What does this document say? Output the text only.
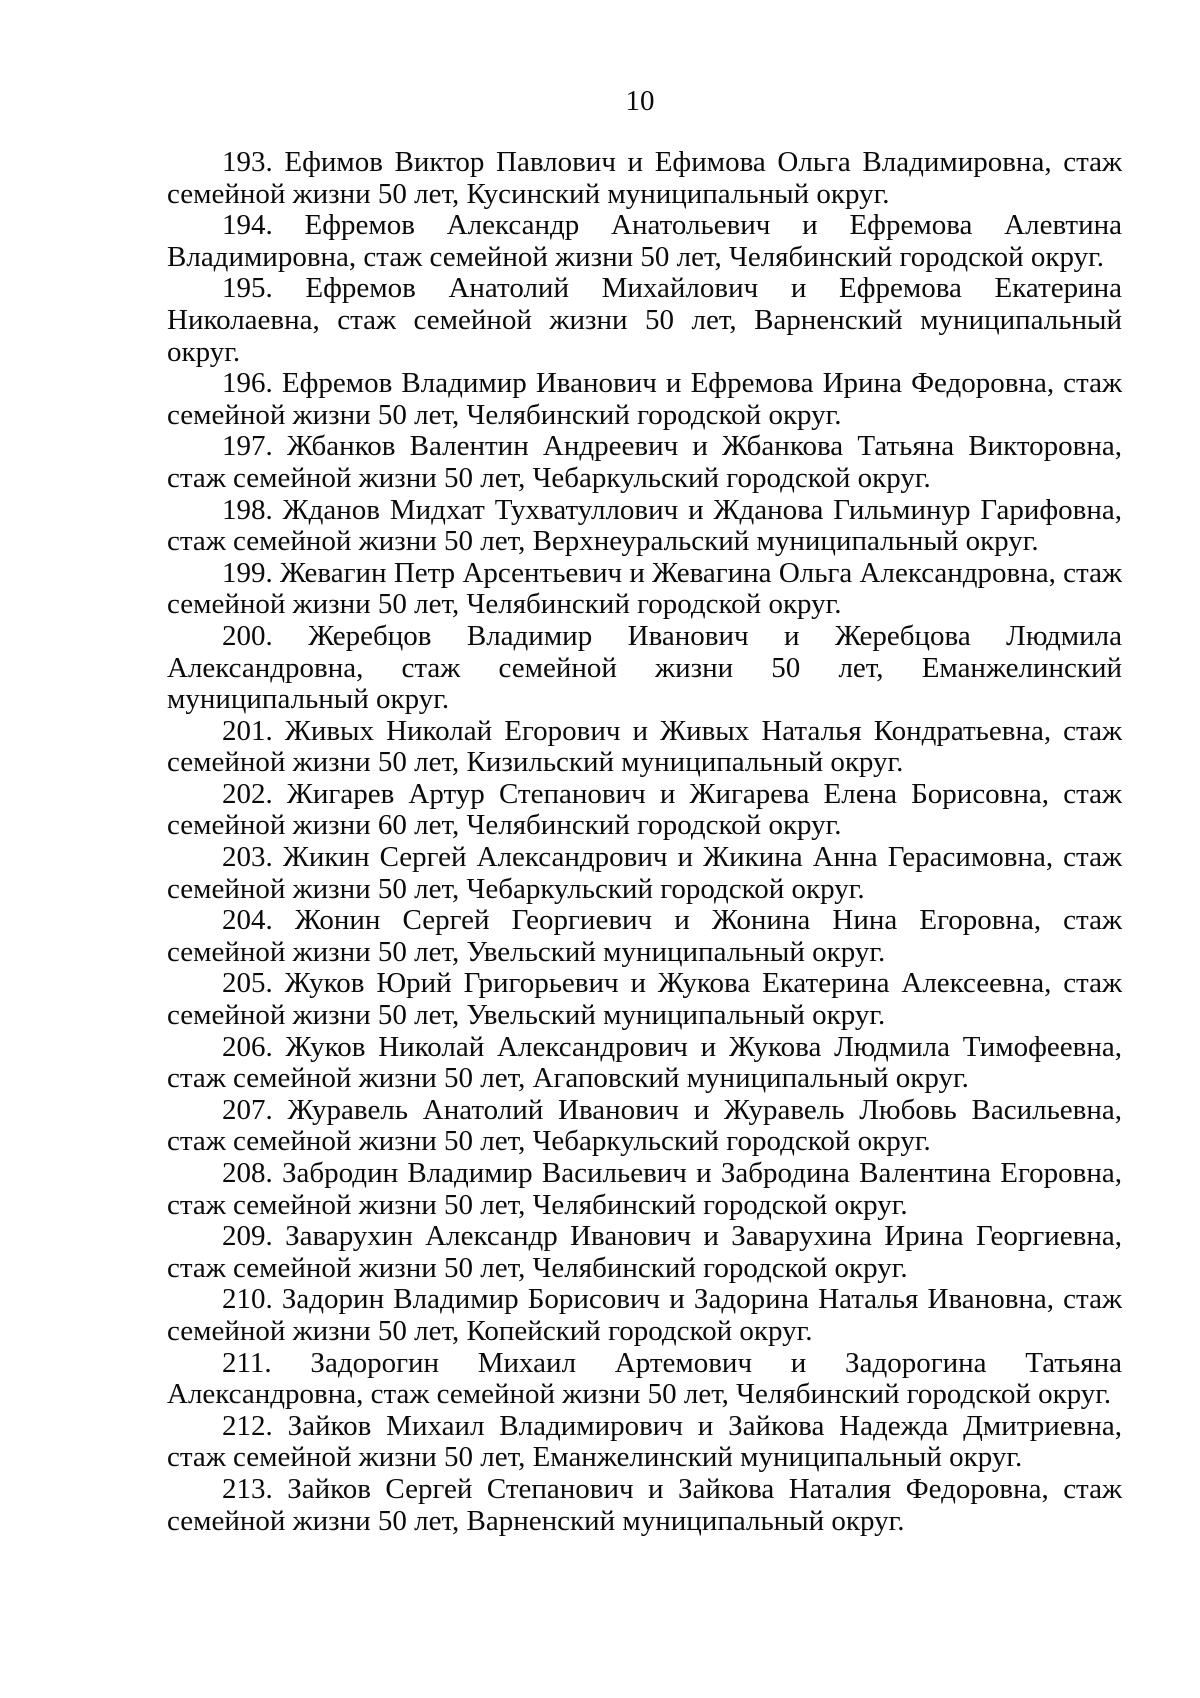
10

193. Ефимов Виктор Павлович и Ефимова Ольга Владимировна, стаж семейной жизни 50 лет, Кусинский муниципальный округ.

194. Ефремов Александр Анатольевич и Ефремова Алевтина Владимировна, стаж семейной жизни 50 лет, Челябинский городской округ.

195. Ефремов Анатолий Михайлович и Ефремова Екатерина Николаевна, стаж семейной жизни 50 лет, Варненский муниципальный округ.

196. Ефремов Владимир Иванович и Ефремова Ирина Федоровна, стаж семейной жизни 50 лет, Челябинский городской округ.

197. Жбанков Валентин Андреевич и Жбанкова Татьяна Викторовна, стаж семейной жизни 50 лет, Чебаркульский городской округ.

198. Жданов Мидхат Тухватуллович и Жданова Гильминур Гарифовна, стаж семейной жизни 50 лет, Верхнеуральский муниципальный округ.

199. Жевагин Петр Арсентьевич и Жевагина Ольга Александровна, стаж семейной жизни 50 лет, Челябинский городской округ.

200. Жеребцов Владимир Иванович и Жеребцова Людмила Александровна, стаж семейной жизни 50 лет, Еманжелинский муниципальный округ.

201. Живых Николай Егорович и Живых Наталья Кондратьевна, стаж семейной жизни 50 лет, Кизильский муниципальный округ.

202. Жигарев Артур Степанович и Жигарева Елена Борисовна, стаж семейной жизни 60 лет, Челябинский городской округ.

203. Жикин Сергей Александрович и Жикина Анна Герасимовна, стаж семейной жизни 50 лет, Чебаркульский городской округ.

204. Жонин Сергей Георгиевич и Жонина Нина Егоровна, стаж семейной жизни 50 лет, Увельский муниципальный округ.

205. Жуков Юрий Григорьевич и Жукова Екатерина Алексеевна, стаж семейной жизни 50 лет, Увельский муниципальный округ.

206. Жуков Николай Александрович и Жукова Людмила Тимофеевна, стаж семейной жизни 50 лет, Агаповский муниципальный округ.

207. Журавель Анатолий Иванович и Журавель Любовь Васильевна, стаж семейной жизни 50 лет, Чебаркульский городской округ.

208. Забродин Владимир Васильевич и Забродина Валентина Егоровна, стаж семейной жизни 50 лет, Челябинский городской округ.

209. Заварухин Александр Иванович и Заварухина Ирина Георгиевна, стаж семейной жизни 50 лет, Челябинский городской округ.

210. Задорин Владимир Борисович и Задорина Наталья Ивановна, стаж семейной жизни 50 лет, Копейский городской округ.

211. Задорогин Михаил Артемович и Задорогина Татьяна Александровна, стаж семейной жизни 50 лет, Челябинский городской округ.

212. Зайков Михаил Владимирович и Зайкова Надежда Дмитриевна, стаж семейной жизни 50 лет, Еманжелинский муниципальный округ.

213. Зайков Сергей Степанович и Зайкова Наталия Федоровна, стаж семейной жизни 50 лет, Варненский муниципальный округ.
